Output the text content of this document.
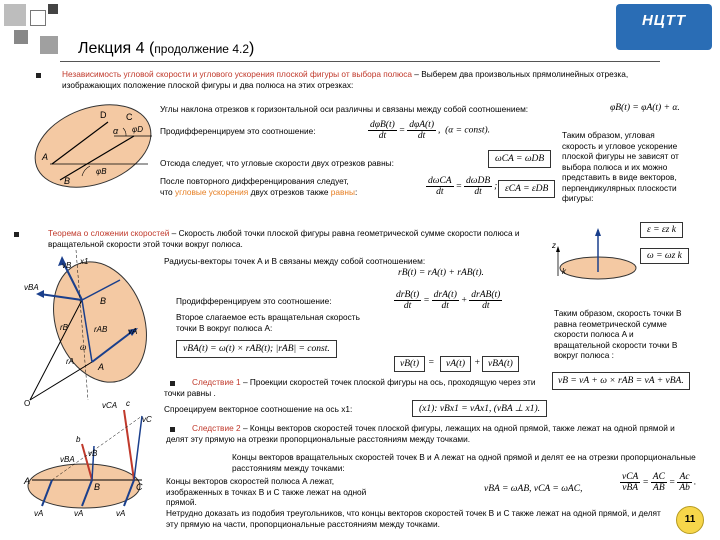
НЦТТ
Лекция 4 (продолжение 4.2)
Независимость угловой скорости и углового ускорения плоской фигуры от выбора полюса – Выберем два произвольных прямолинейных отрезка, изображающих положение плоской фигуры и два полюса на этих отрезках:
D C
A
B
α φD
φB
Углы наклона отрезков к горизонтальной оси различны и связаны между собой соотношением:	φB(t) = φA(t) + α.
Продифференцируем это соотношение:	$\frac{\text{dφB(t)}}{dt} = \frac{\text{dφA(t)}}{dt}$ ,  (α = const).
Отсюда следует, что угловые скорости двух отрезков равны:	ωCA = ωDB
После повторного дифференцирования следует,
что угловые ускорения двух отрезков также равны:	$\frac{\text{dωCA}}{dt} = \frac{\text{dωDB}}{dt}$ ; εCA = εDB
Таким образом, угловая скорость и угловое ускорение плоской фигуры не зависят от выбора полюса и их можно представить в виде векторов, перпендикулярных плоскости фигуры:
Теорема о сложении скоростей – Скорость любой точки плоской фигуры равна геометрической сумме скорости полюса и вращательной скорости этой точки вокруг полюса.
ε = εz k
ω = ωz k
z
k
vB x1
vBA
B
rB	rAB	vA
A
ω
rA
O
Радиусы-векторы точек A и B связаны между собой соотношением:
rB(t) = rA(t) + rAB(t).
Продифференцируем это соотношение:	$\frac{\text{drB(t)}}{dt} = \frac{\text{drA(t)}}{dt} + \frac{\text{drAB(t)}}{dt}$
Второе слагаемое есть вращательная скорость точки B вокруг полюса A:
vBA(t) = ω(t) × rAB(t); |rAB| = const.
vB(t) =	vA(t) + vBA(t)
Таким образом, скорость точки B равна геометрической сумме скорости полюса A и вращательной скорости точки B вокруг полюса :
vB = vA + ω × rAB = vA + vBA.
Следствие 1 – Проекции скоростей точек плоской фигуры на ось, проходящую через эти точки равны .
Спроецируем векторное соотношение на ось x1:	(x1): vBx1 = vAx1, (vBA ⊥ x1).
vCA c
vC
b
vBA
vB
A
B	C
vA	vA	vA
Следствие 2 – Концы векторов скоростей точек плоской фигуры, лежащих на одной прямой, также лежат на одной прямой и делят эту прямую на отрезки пропорциональные расстояниям между точками.
Концы векторов вращательных скоростей точек B и A лежат на одной прямой и делят ее на отрезки пропорциональные расстояниям между точками:
Концы векторов скоростей полюса A лежат, изображенных в точках B и C также лежат на одной прямой.
vBA = ωAB, vCA = ωAC,	$\frac{\text{vCA}}{\text{vBA}} = \frac{AC}{AB} = \frac{Ac}{Ab}$ .
Нетрудно доказать из подобия треугольников, что концы векторов скоростей точек B и C также лежат на одной прямой, и делят эту прямую на части, пропорциональные расстояниям между точками.	11
